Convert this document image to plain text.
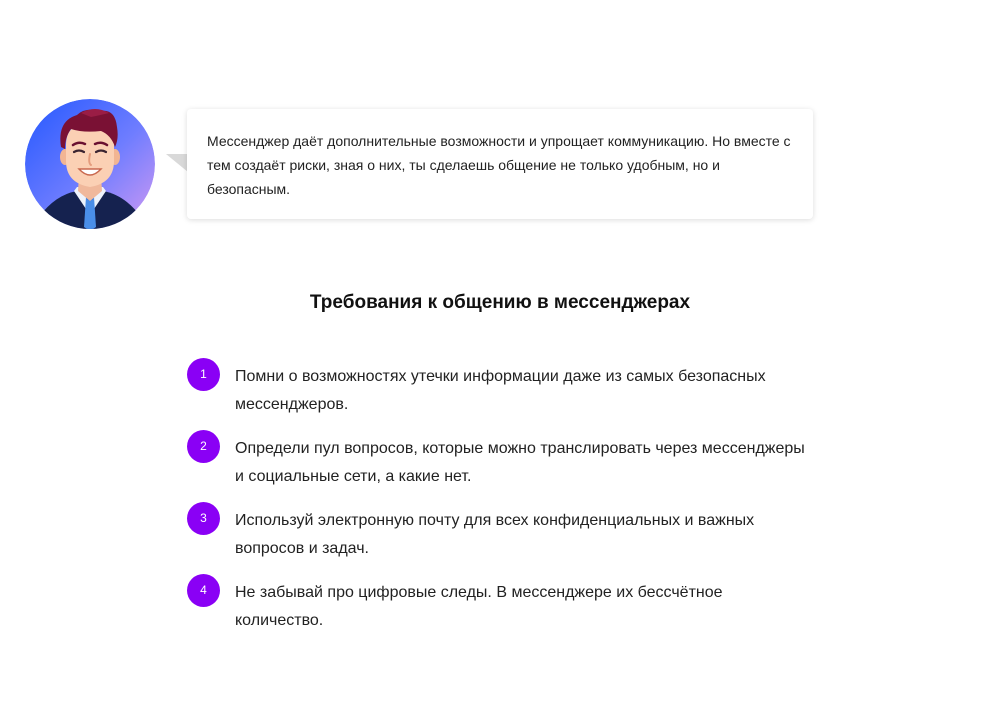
Мессенджер даёт дополнительные возможности и упрощает коммуникацию. Но вместе с тем создаёт риски, зная о них, ты сделаешь общение не только удобным, но и безопасным.

Требования к общению в мессенджерах
1	Помни о возможностях утечки информации даже из самых безопасных мессенджеров.

2	Определи пул вопросов, которые можно транслировать через мессенджеры и социальные сети, а какие нет.

3	Используй электронную почту для всех конфиденциальных и важных вопросов и задач.

4	Не забывай про цифровые следы. В мессенджере их бессчётное количество.
